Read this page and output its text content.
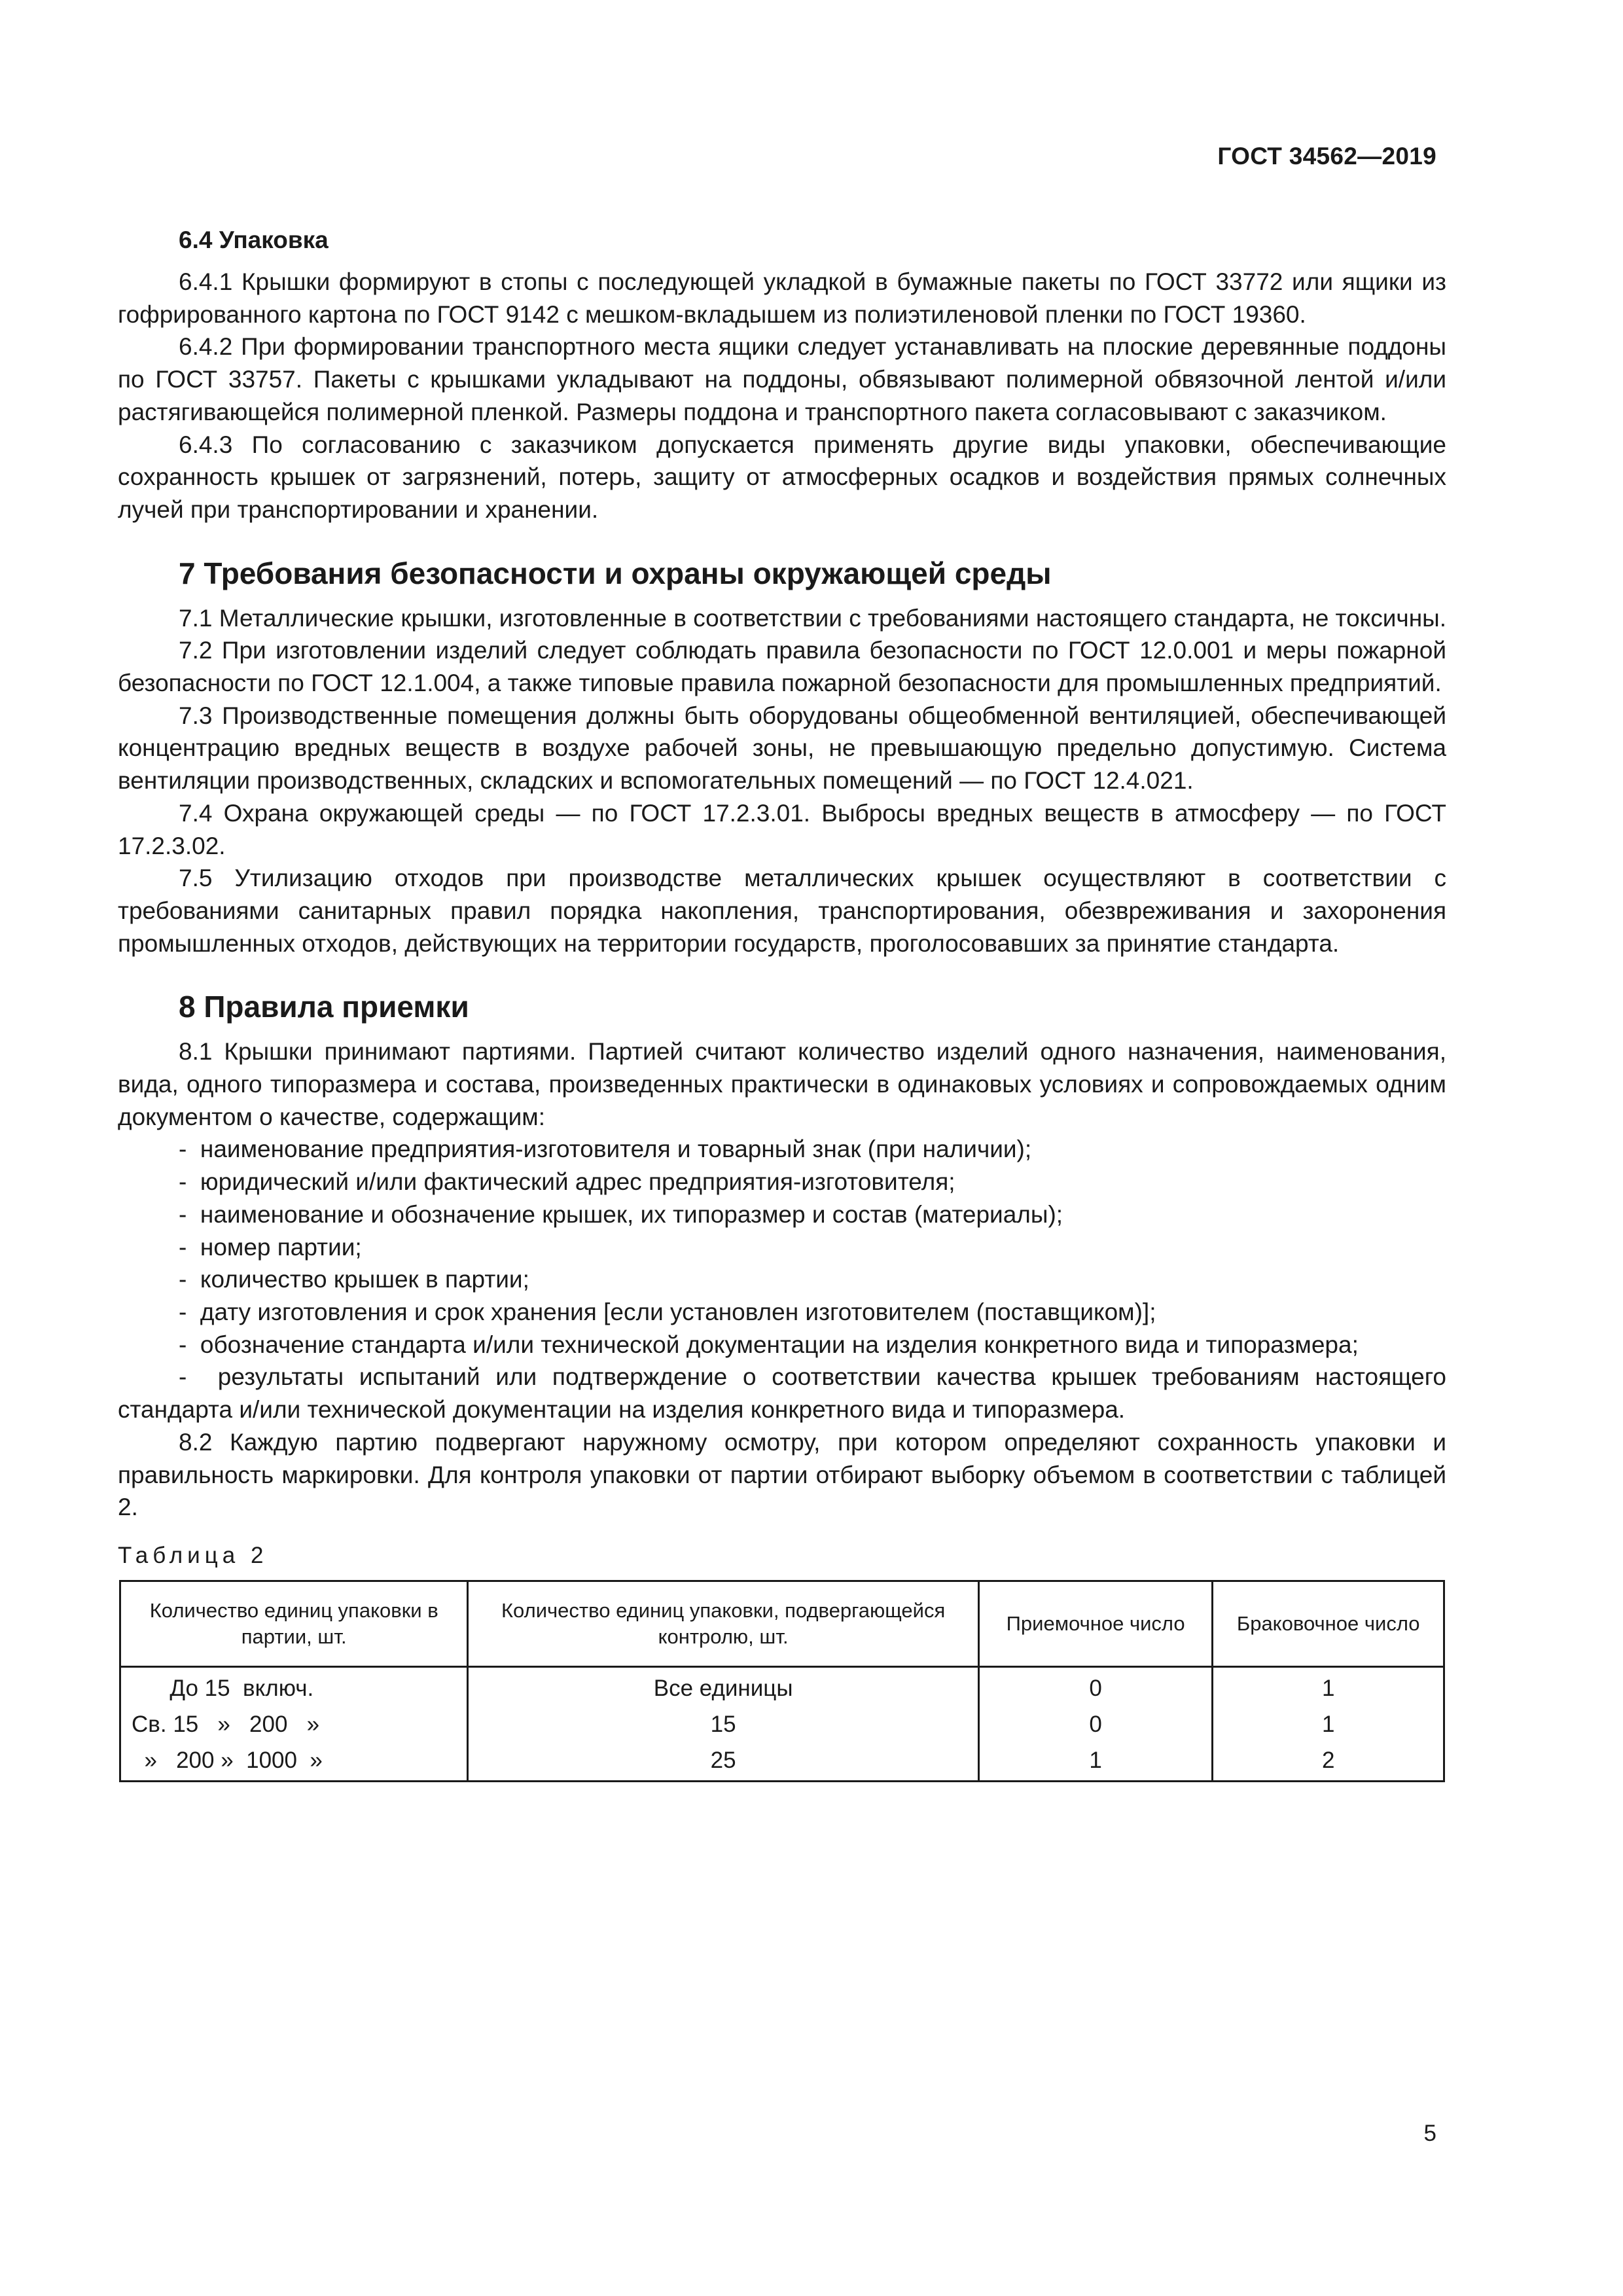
ГОСТ 34562—2019
6.4 Упаковка

6.4.1 Крышки формируют в стопы с последующей укладкой в бумажные пакеты по ГОСТ 33772 или ящики из гофрированного картона по ГОСТ 9142 с мешком-вкладышем из полиэтиленовой пленки по ГОСТ 19360.

6.4.2 При формировании транспортного места ящики следует устанавливать на плоские деревянные поддоны по ГОСТ 33757. Пакеты с крышками укладывают на поддоны, обвязывают полимерной обвязочной лентой и/или растягивающейся полимерной пленкой. Размеры поддона и транспортного пакета согласовывают с заказчиком.

6.4.3 По согласованию с заказчиком допускается применять другие виды упаковки, обеспечивающие сохранность крышек от загрязнений, потерь, защиту от атмосферных осадков и воздействия прямых солнечных лучей при транспортировании и хранении.

7 Требования безопасности и охраны окружающей среды

7.1 Металлические крышки, изготовленные в соответствии с требованиями настоящего стандарта, не токсичны.

7.2 При изготовлении изделий следует соблюдать правила безопасности по ГОСТ 12.0.001 и меры пожарной безопасности по ГОСТ 12.1.004, а также типовые правила пожарной безопасности для промышленных предприятий.

7.3 Производственные помещения должны быть оборудованы общеобменной вентиляцией, обеспечивающей концентрацию вредных веществ в воздухе рабочей зоны, не превышающую предельно допустимую. Система вентиляции производственных, складских и вспомогательных помещений — по ГОСТ 12.4.021.

7.4 Охрана окружающей среды — по ГОСТ 17.2.3.01. Выбросы вредных веществ в атмосферу — по ГОСТ 17.2.3.02.

7.5 Утилизацию отходов при производстве металлических крышек осуществляют в соответствии с требованиями санитарных правил порядка накопления, транспортирования, обезвреживания и захоронения промышленных отходов, действующих на территории государств, проголосовавших за принятие стандарта.

8 Правила приемки

8.1 Крышки принимают партиями. Партией считают количество изделий одного назначения, наименования, вида, одного типоразмера и состава, произведенных практически в одинаковых условиях и сопровождаемых одним документом о качестве, содержащим:

- наименование предприятия-изготовителя и товарный знак (при наличии);
- юридический и/или фактический адрес предприятия-изготовителя;
- наименование и обозначение крышек, их типоразмер и состав (материалы);
- номер партии;
- количество крышек в партии;
- дату изготовления и срок хранения [если установлен изготовителем (поставщиком)];
- обозначение стандарта и/или технической документации на изделия конкретного вида и типоразмера;
- результаты испытаний или подтверждение о соответствии качества крышек требованиям настоящего стандарта и/или технической документации на изделия конкретного вида и типоразмера.

8.2 Каждую партию подвергают наружному осмотру, при котором определяют сохранность упаковки и правильность маркировки. Для контроля упаковки от партии отбирают выборку объемом в соответствии с таблицей 2.

Таблица 2
Количество единиц упаковки в партии, шт.	Количество единиц упаковки, подвергающейся контролю, шт.	Приемочное число	Браковочное число
До 15  включ.	Все единицы	0	1
Св. 15   »   200   »	15	0	1
»   200 »  1000  »	25	1	2
5
